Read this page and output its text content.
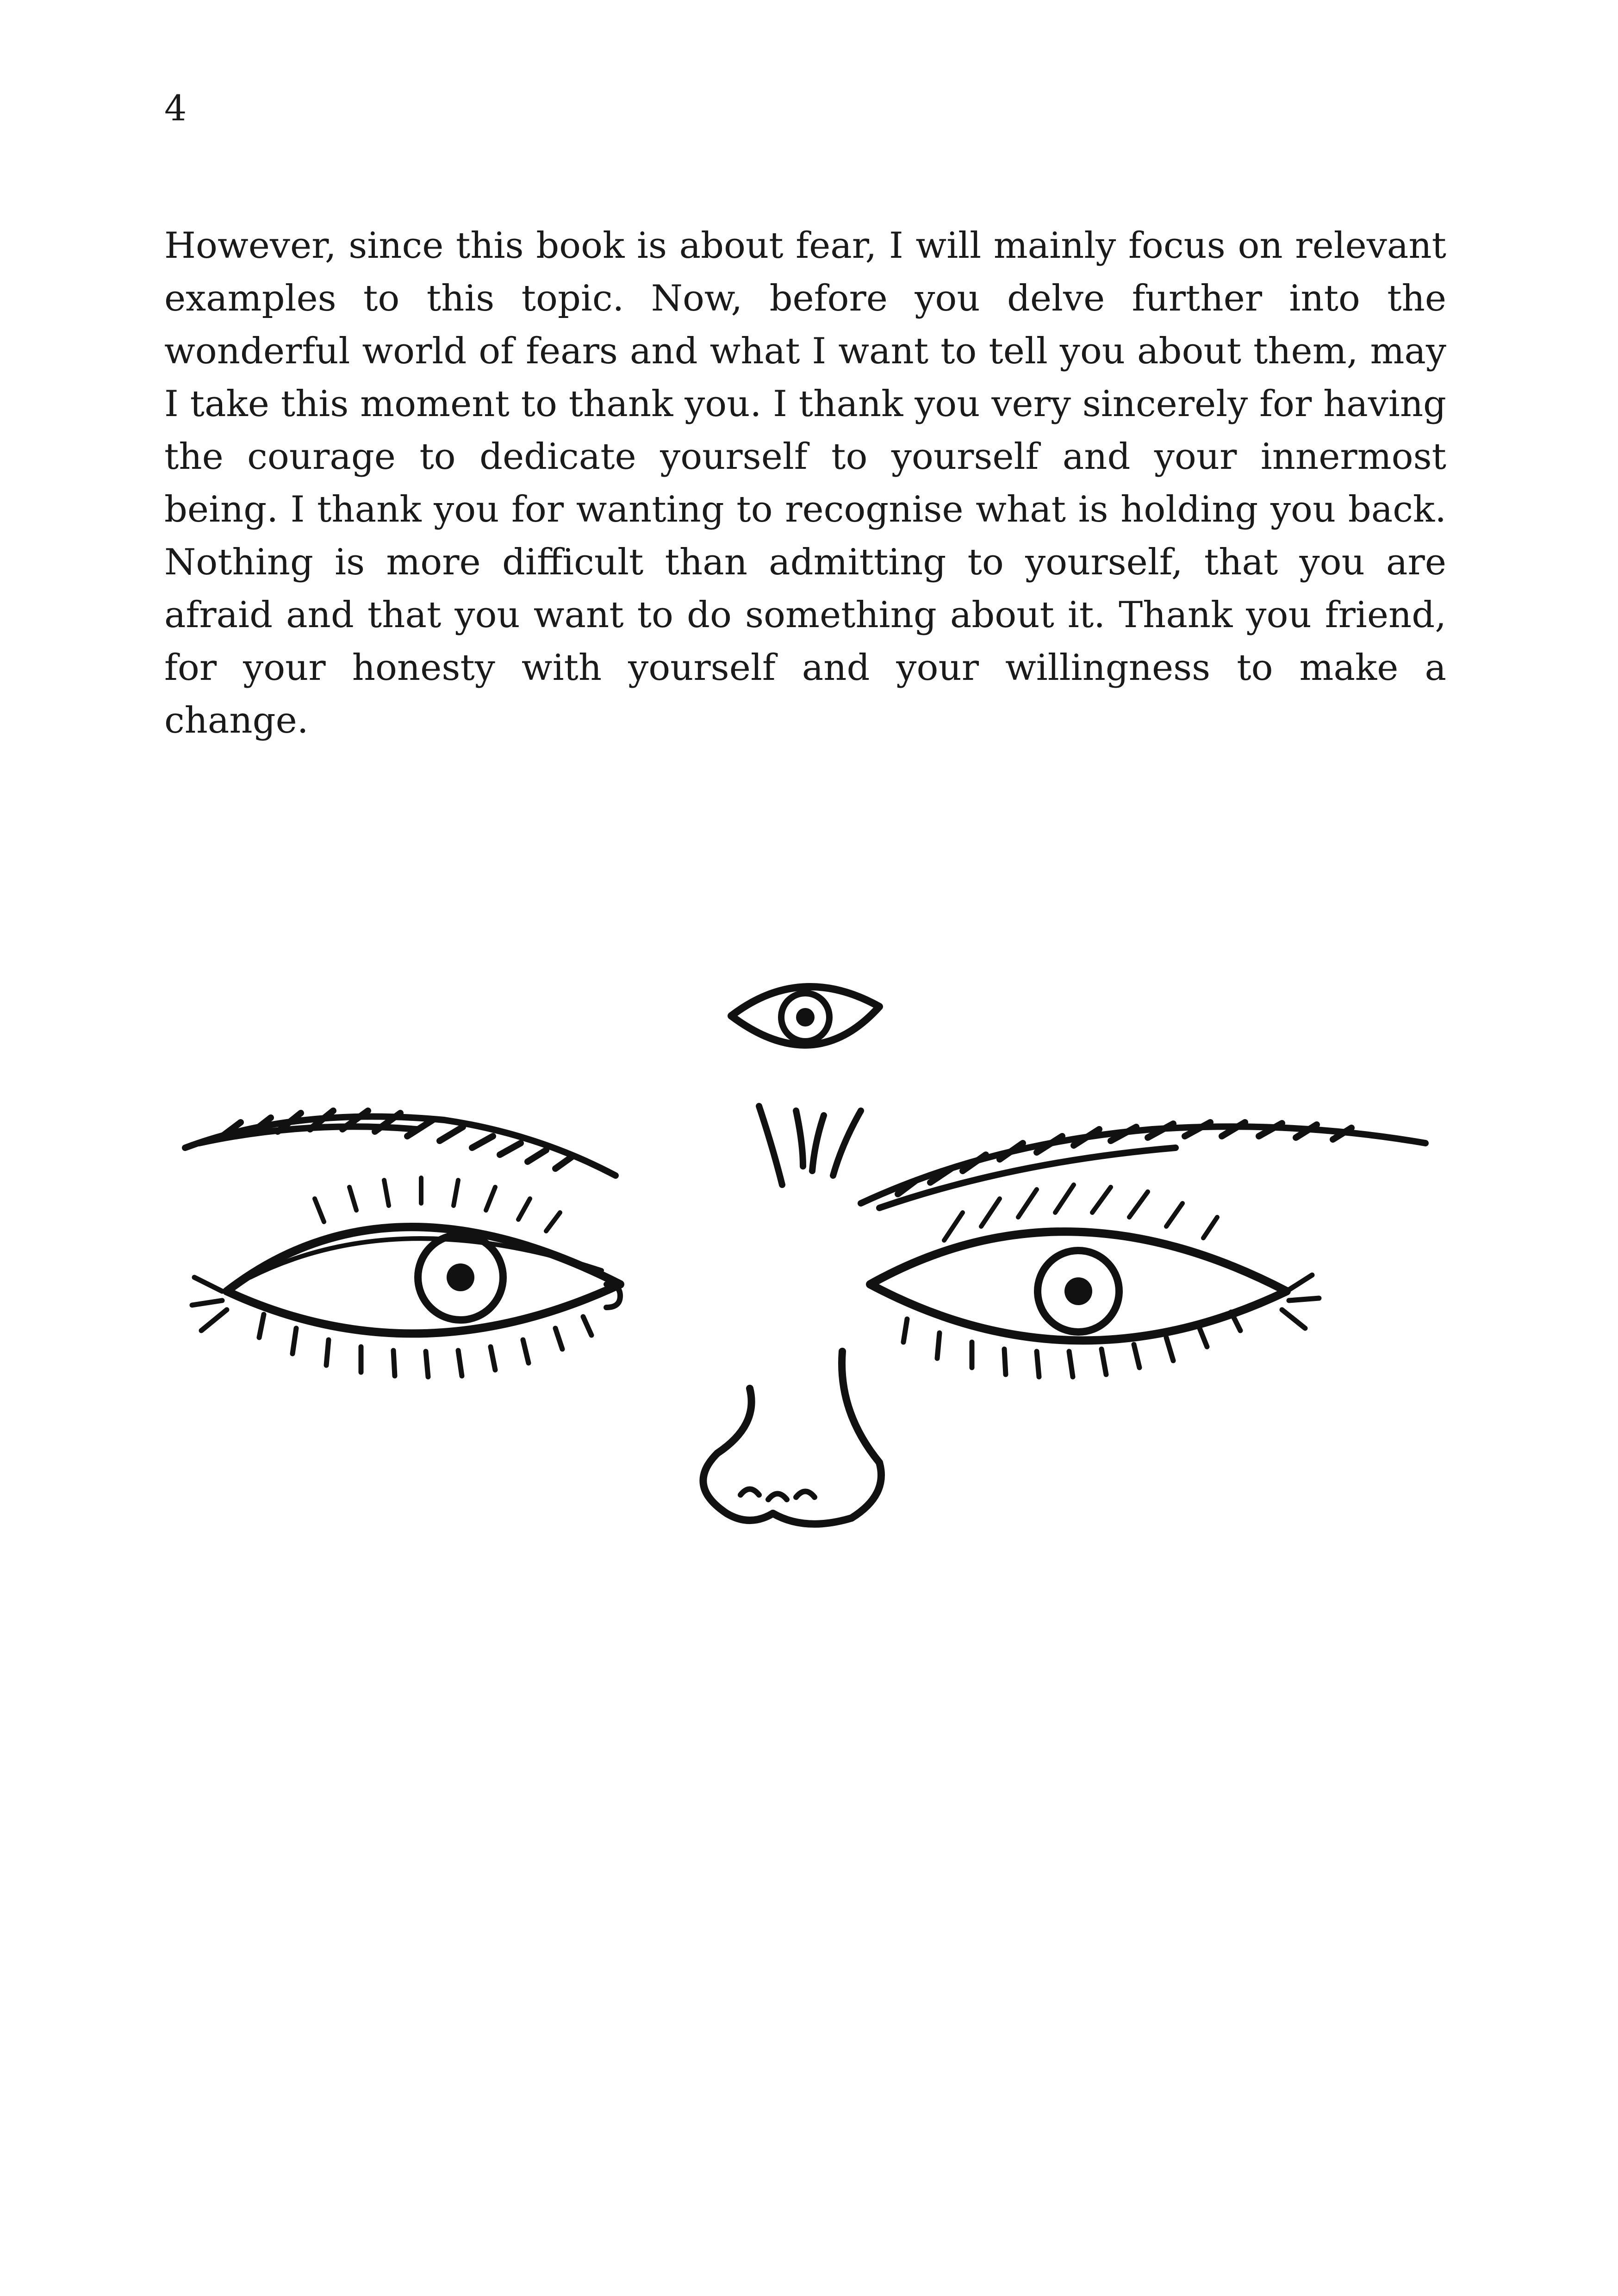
4

However, since this book is about fear, I will mainly focus on relevant examples to this topic. Now, before you delve further into the wonderful world of fears and what I want to tell you about them, may I take this moment to thank you. I thank you very sincerely for having the courage to dedicate yourself to yourself and your innermost being. I thank you for wanting to recognise what is holding you back. Nothing is more difficult than admitting to yourself, that you are afraid and that you want to do something about it. Thank you friend, for your honesty with yourself and your willingness to make a change.
